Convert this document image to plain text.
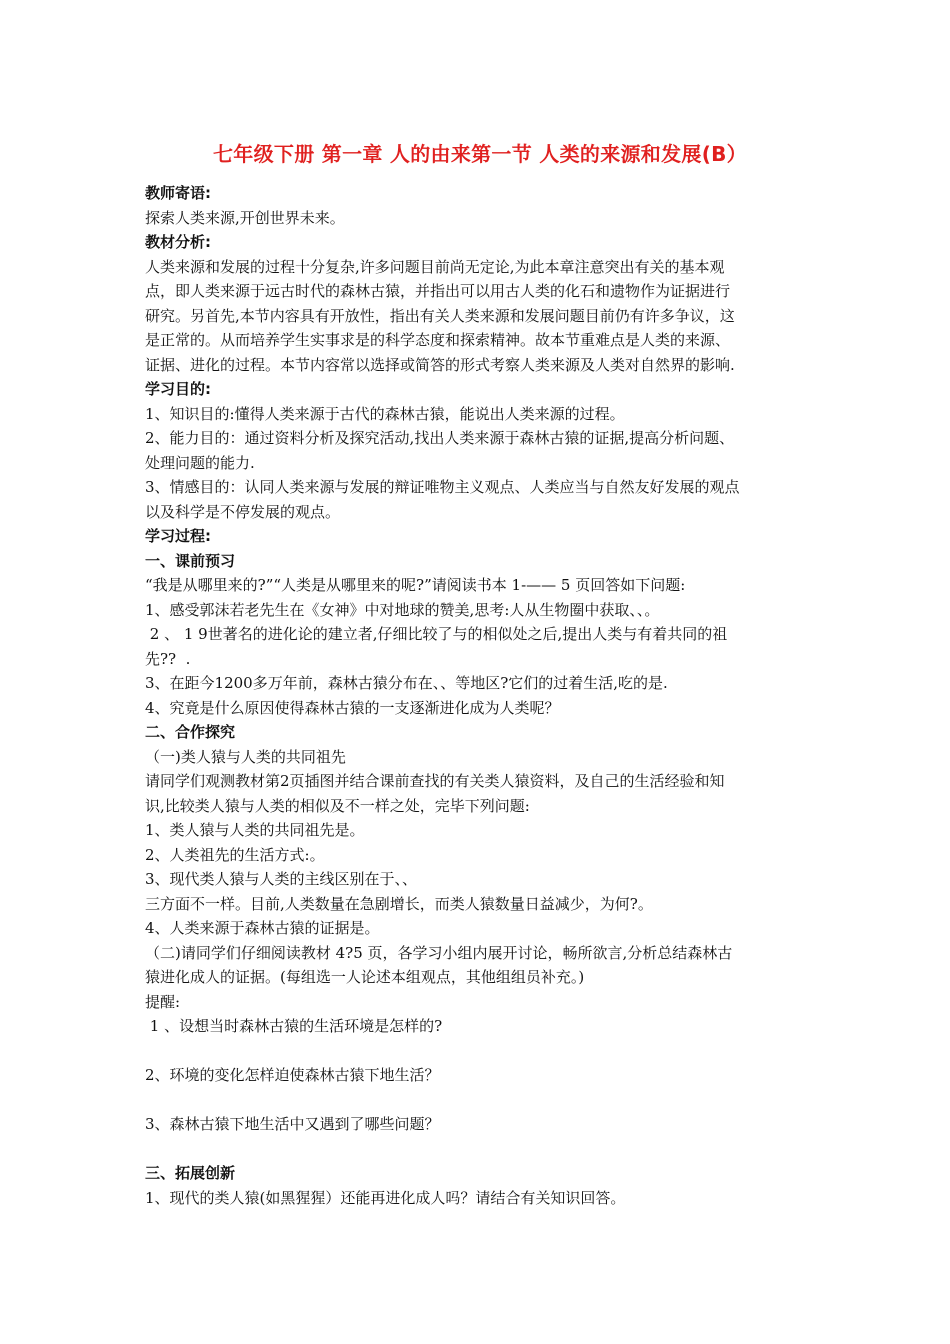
七年级下册 第一章 人的由来第一节 人类的来源和发展(B）

教师寄语:

探索人类来源,开创世界未来。

教材分析:

人类来源和发展的过程十分复杂,许多问题目前尚无定论,为此本章注意突出有关的基本观

点，即人类来源于远古时代的森林古猿，并指出可以用古人类的化石和遗物作为证据进行

研究。另首先,本节内容具有开放性，指出有关人类来源和发展问题目前仍有许多争议，这

是正常的。从而培养学生实事求是的科学态度和探索精神。故本节重难点是人类的来源、

证据、进化的过程。本节内容常以选择或简答的形式考察人类来源及人类对自然界的影响.

学习目的:

1、知识目的:懂得人类来源于古代的森林古猿，能说出人类来源的过程。

2、能力目的：通过资料分析及探究活动,找出人类来源于森林古猿的证据,提高分析问题、

处理问题的能力.

3、情感目的：认同人类来源与发展的辩证唯物主义观点、人类应当与自然友好发展的观点

以及科学是不停发展的观点。

学习过程:

一、课前预习

“我是从哪里来的?”“人类是从哪里来的呢?”请阅读书本 1-—— 5 页回答如下问题:

1、感受郭沫若老先生在《女神》中对地球的赞美,思考:人从生物圈中获取、、。

2 、 1 9世著名的进化论的建立者,仔细比较了与的相似处之后,提出人类与有着共同的祖

先??  .

3、在距今1200多万年前，森林古猿分布在、、等地区?它们的过着生活,吃的是.

4、究竟是什么原因使得森林古猿的一支逐渐进化成为人类呢？

二、合作探究

（一)类人猿与人类的共同祖先

请同学们观测教材第2页插图并结合课前查找的有关类人猿资料，及自己的生活经验和知

识,比较类人猿与人类的相似及不一样之处，完毕下列问题:

1、类人猿与人类的共同祖先是。

2、人类祖先的生活方式:。

3、现代类人猿与人类的主线区别在于、、

三方面不一样。目前,人类数量在急剧增长，而类人猿数量日益减少，为何?。

4、人类来源于森林古猿的证据是。

（二)请同学们仔细阅读教材 4?5 页，各学习小组内展开讨论，畅所欲言,分析总结森林古

猿进化成人的证据。(每组选一人论述本组观点，其他组组员补充。)

提醒:

1 、设想当时森林古猿的生活环境是怎样的?

2、环境的变化怎样迫使森林古猿下地生活？

3、森林古猿下地生活中又遇到了哪些问题？

三、拓展创新

1、现代的类人猿(如黑猩猩）还能再进化成人吗？请结合有关知识回答。
